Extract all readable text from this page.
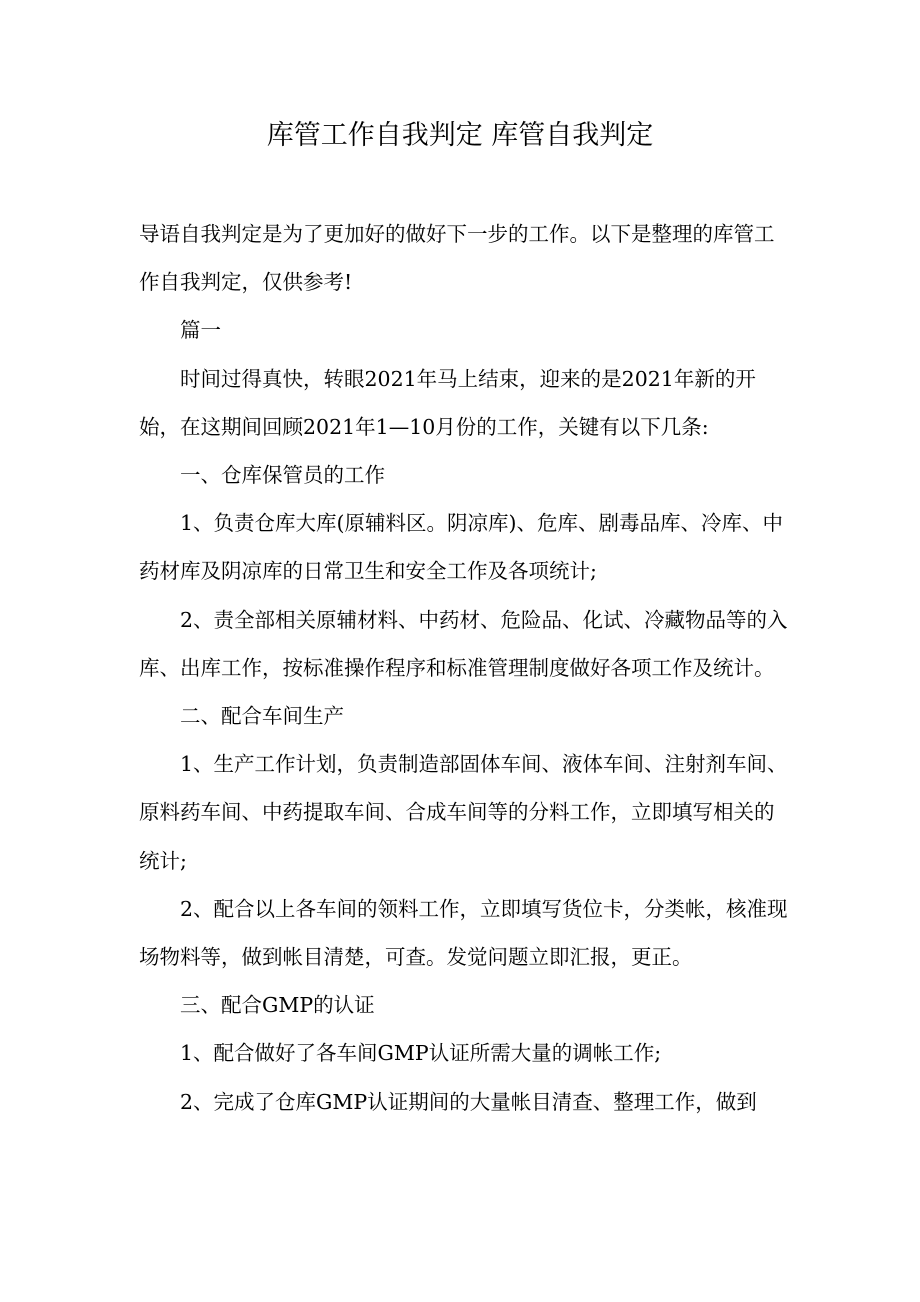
库管工作自我判定 库管自我判定

导语自我判定是为了更加好的做好下一步的工作。以下是整理的库管工作自我判定，仅供参考!

篇一

时间过得真快，转眼2021年马上结束，迎来的是2021年新的开始，在这期间回顾2021年1—10月份的工作，关键有以下几条:

一、仓库保管员的工作

1、负责仓库大库(原辅料区。阴凉库)、危库、剧毒品库、冷库、中药材库及阴凉库的日常卫生和安全工作及各项统计;

2、责全部相关原辅材料、中药材、危险品、化试、冷藏物品等的入库、出库工作，按标准操作程序和标准管理制度做好各项工作及统计。

二、配合车间生产

1、生产工作计划，负责制造部固体车间、液体车间、注射剂车间、原料药车间、中药提取车间、合成车间等的分料工作，立即填写相关的统计;

2、配合以上各车间的领料工作，立即填写货位卡，分类帐，核准现场物料等，做到帐目清楚，可查。发觉问题立即汇报，更正。

三、配合GMP的认证

1、配合做好了各车间GMP认证所需大量的调帐工作;

2、完成了仓库GMP认证期间的大量帐目清查、整理工作，做到
